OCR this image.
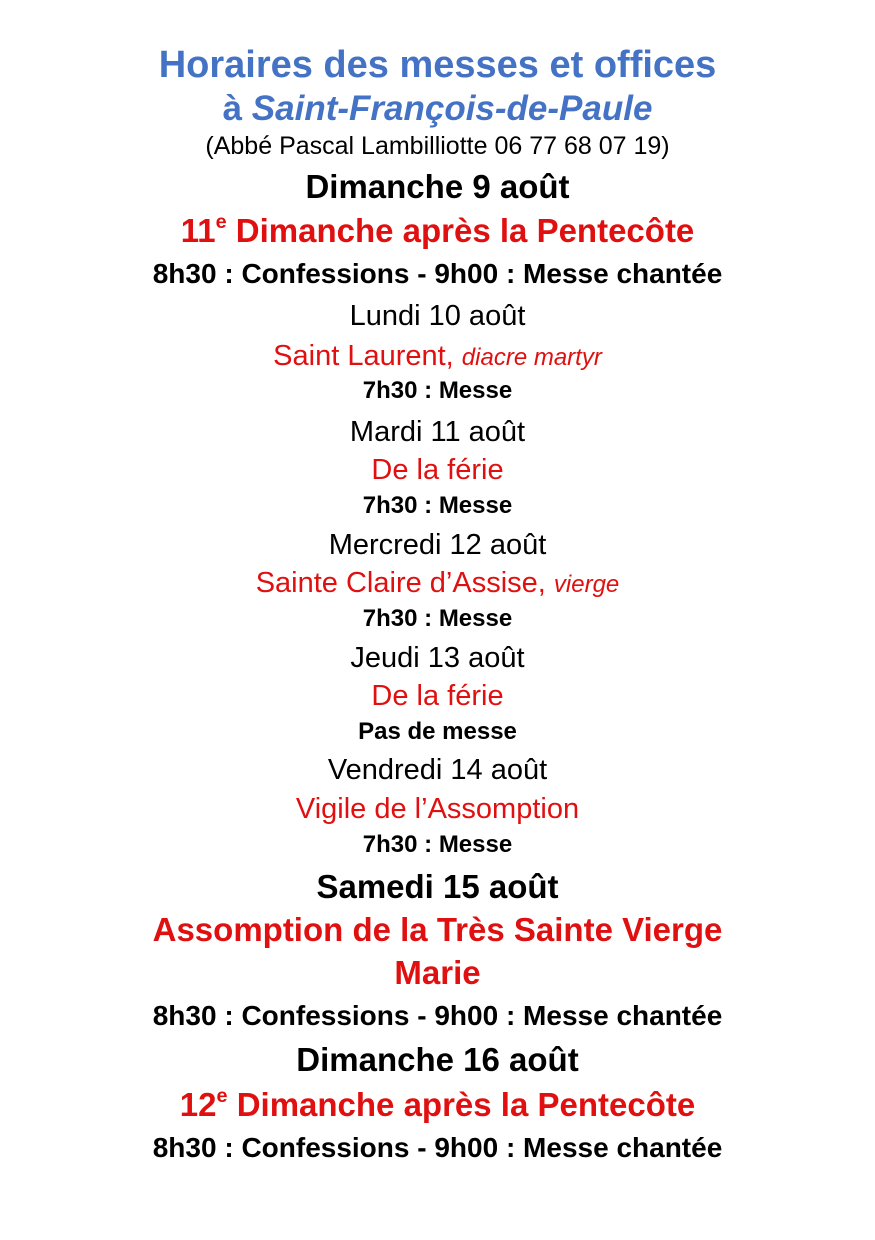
Horaires des messes et offices
à Saint-François-de-Paule
(Abbé Pascal Lambilliotte 06 77 68 07 19)
Dimanche 9 août
11e Dimanche après la Pentecôte
8h30 : Confessions - 9h00 : Messe chantée
Lundi 10 août
Saint Laurent, diacre martyr
7h30 : Messe
Mardi 11 août
De la férie
7h30 : Messe
Mercredi 12 août
Sainte Claire d’Assise, vierge
7h30 : Messe
Jeudi 13 août
De la férie
Pas de messe
Vendredi 14 août
Vigile de l’Assomption
7h30 : Messe
Samedi 15 août
Assomption de la Très Sainte Vierge
Marie
8h30 : Confessions - 9h00 : Messe chantée
Dimanche 16 août
12e Dimanche après la Pentecôte
8h30 : Confessions - 9h00 : Messe chantée
